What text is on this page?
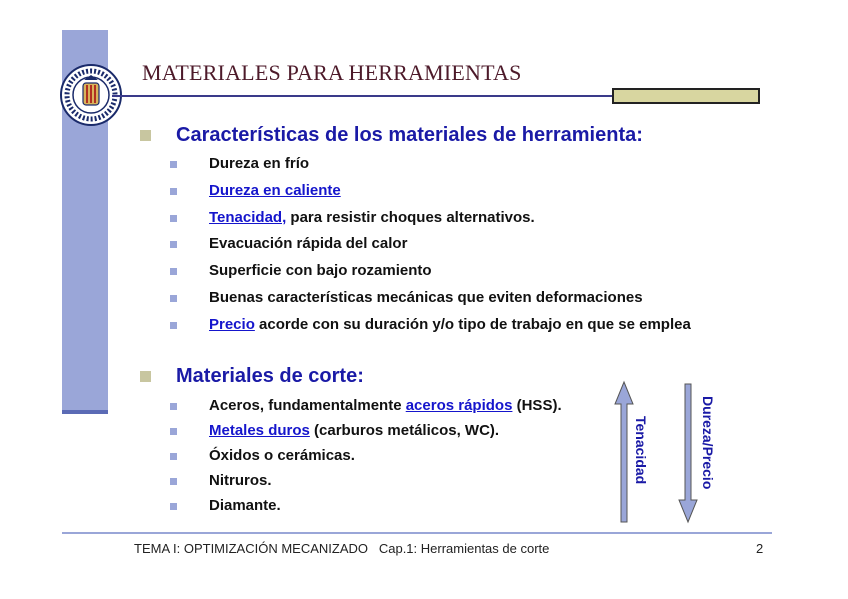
MATERIALES PARA HERRAMIENTAS
Características de los materiales de herramienta:
Dureza en frío
Dureza en caliente
Tenacidad, para resistir choques alternativos.
Evacuación rápida del calor
Superficie con bajo rozamiento
Buenas características mecánicas que eviten deformaciones
Precio acorde con su duración y/o tipo de trabajo en que se emplea
Materiales de corte:
Aceros, fundamentalmente aceros rápidos (HSS).
Metales duros (carburos metálicos, WC).
Óxidos o cerámicas.
Nitruros.
Diamante.
Tenacidad	Dureza/Precio
TEMA I: OPTIMIZACIÓN MECANIZADO   Cap.1: Herramientas de corte	2
